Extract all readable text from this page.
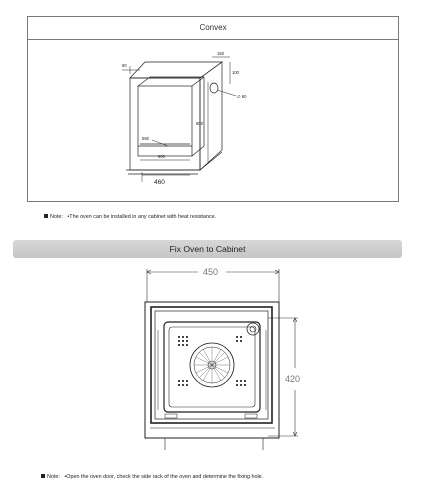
Convex
90
150
100
∅ 60
800
560
600
460
Note: •The oven can be installed in any cabinet with heat resistance.
Fix Oven to Cabinet
450
420
Note: •Open the oven door, check the side rack of the oven and determine the fixing hole.
